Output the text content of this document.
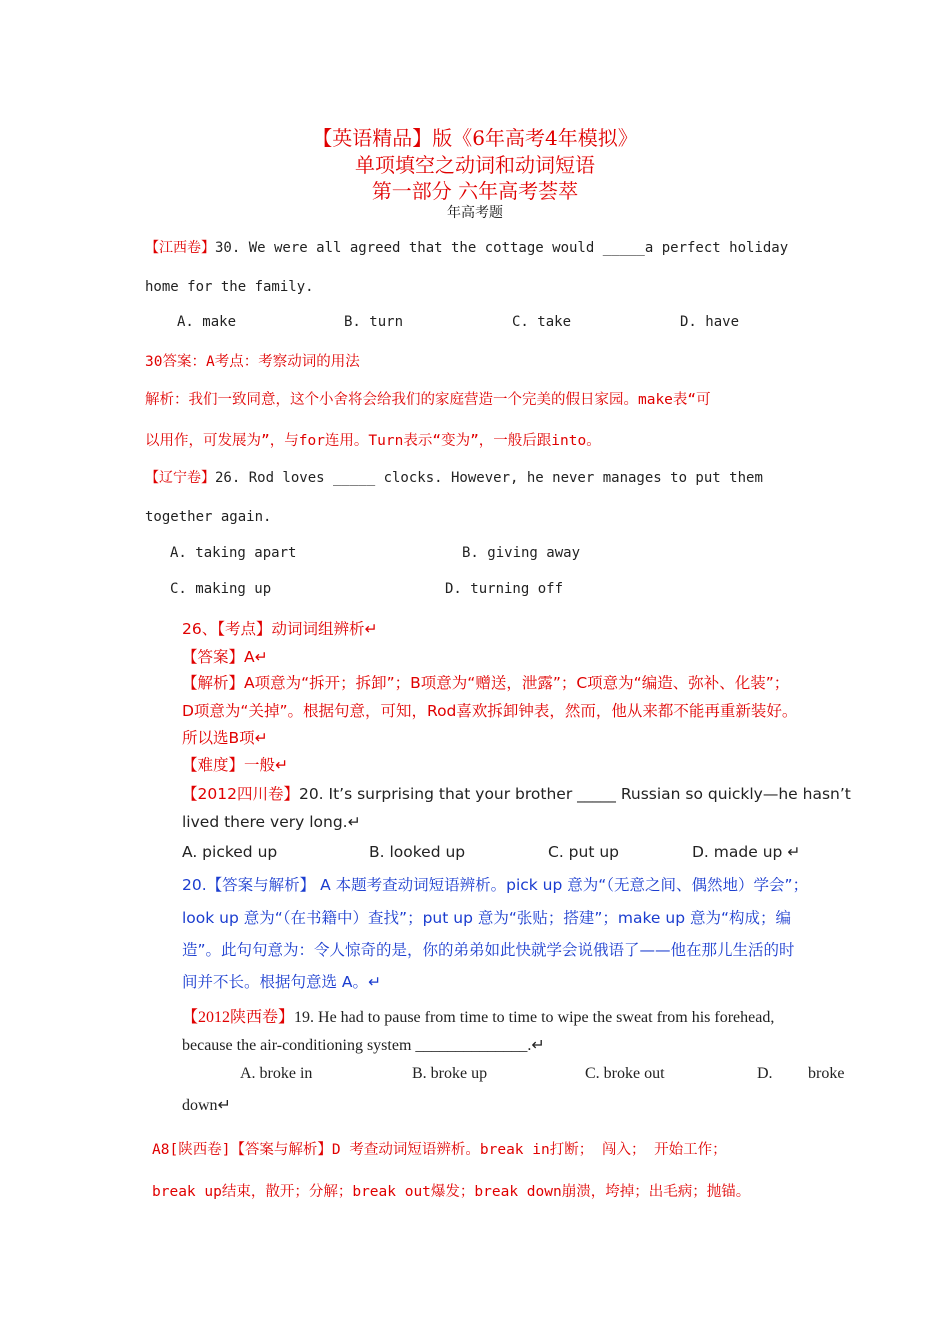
【英语精品】版《6年高考4年模拟》
单项填空之动词和动词短语
第一部分 六年高考荟萃
年高考题
【江西卷】30. We were all agreed that the cottage would _____a perfect holiday
home for the family.
A. make	B. turn	C. take	D. have
30答案：A考点：考察动词的用法
解析：我们一致同意，这个小舍将会给我们的家庭营造一个完美的假日家园。make表“可
以用作，可发展为”，与for连用。Turn表示“变为”，一般后跟into。
【辽宁卷】26. Rod loves _____ clocks. However, he never manages to put them
together again.
A. taking apart	B. giving away
C. making up	D. turning off
26、【考点】动词词组辨析↵
【答案】A↵
【解析】A项意为“拆开；拆卸”；B项意为“赠送，泄露”；C项意为“编造、弥补、化装”；
D项意为“关掉”。根据句意，可知，Rod喜欢拆卸钟表，然而，他从来都不能再重新装好。
所以选B项↵
【难度】一般↵
【2012四川卷】20. It’s surprising that your brother _____ Russian so quickly—he hasn’t
lived there very long.↵
A. picked up	B. looked up	C. put up	D. made up ↵
20.【答案与解析】 A 本题考查动词短语辨析。pick up 意为“（无意之间、偶然地）学会”；
look up 意为“（在书籍中）查找”；put up 意为“张贴；搭建”；make up 意为“构成；编
造”。此句句意为：令人惊奇的是，你的弟弟如此快就学会说俄语了——他在那儿生活的时
间并不长。根据句意选 A。↵
【2012陕西卷】19. He had to pause from time to time to wipe the sweat from his forehead,
because the air-conditioning system ______________.↵
A. broke in	B. broke up	C. broke out	D. broke
down↵
A8[陕西卷]【答案与解析】D 考查动词短语辨析。break in打断； 闯入； 开始工作；
break up结束，散开；分解；break out爆发；break down崩溃，垮掉；出毛病；抛锚。
